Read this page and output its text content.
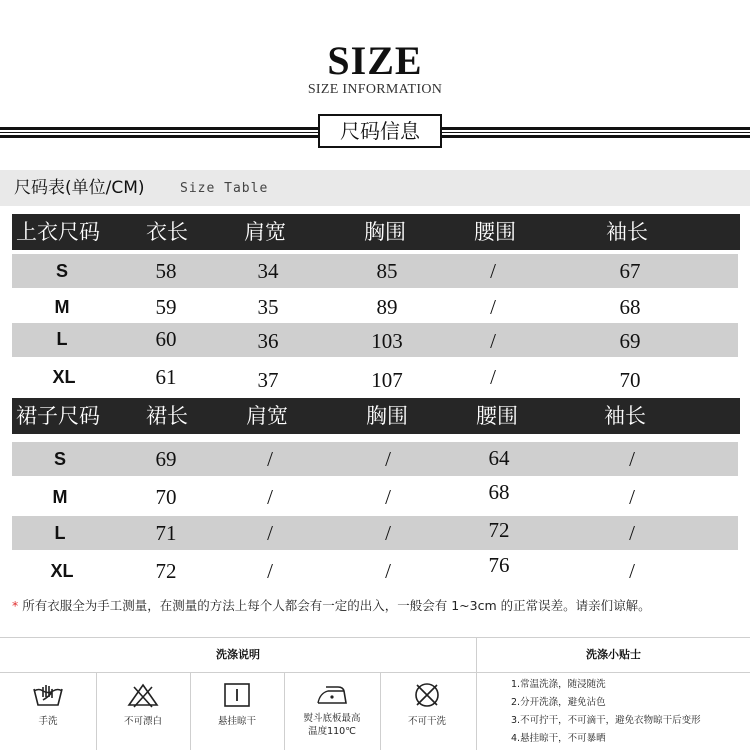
SIZE
SIZE INFORMATION
尺码信息
尺码表(单位/CM)	Size Table
上衣尺码 衣长	肩宽	胸围	腰围	袖长
S	58	34	85	/	67
M	59	35	89	/	68
L	60	36	103	/	69
XL	61	37	107	/	70
裙子尺码 裙长	肩宽	胸围	腰围	袖长
S	69	/	/	64	/
M	70	/	/	68	/
L	71	/	/	72	/
XL	72	/	/	76	/
* 所有衣服全为手工测量，在测量的方法上每个人都会有一定的出入，一般会有 1~3cm 的正常误差。请亲们谅解。
洗涤说明	洗涤小贴士
手洗	不可漂白	悬挂晾干	熨斗底板最高
温度110℃
不可干洗
1.常温洗涤，随浸随洗
2.分开洗涤，避免沾色
3.不可拧干，不可滴干，避免衣物晾干后变形
4.悬挂晾干，不可暴晒
